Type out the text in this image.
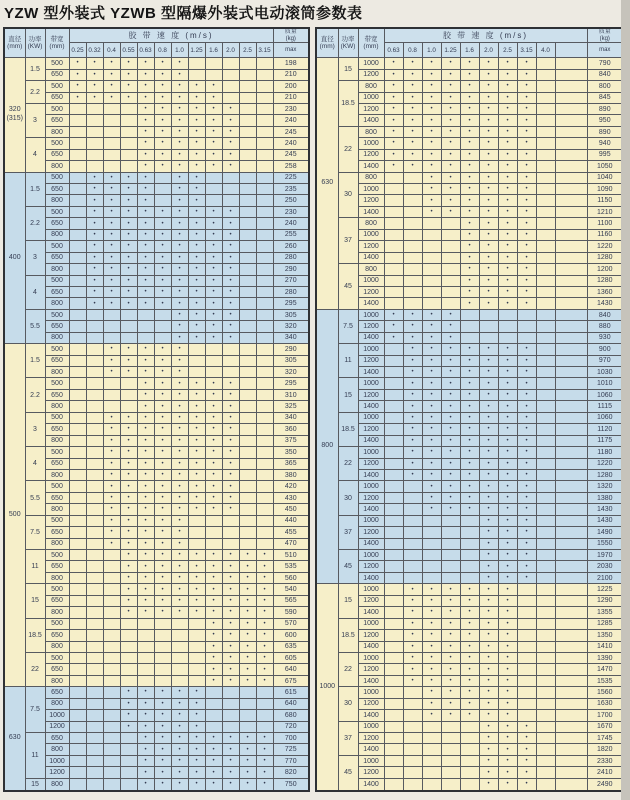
YZW 型外装式 YZWB 型隔爆外装式电动滚筒参数表
直径
(mm)	功率
(KW)	带宽
(mm)	胶 带 速 度 (m/s)												质量
(kg)
			0.25	0.32	0.4	0.55	0.63	0.8	1.0	1.25	1.6	2.0	2.5	3.15	max
320
(315)	1.5	500	•	•	•	•	•	•	•						198
		650	•	•	•	•	•	•	•						210
	2.2	500	•	•	•	•	•	•	•	•	•				200
		650	•	•	•	•	•	•	•	•	•				210
	3	500					•	•	•	•	•	•			230
		650					•	•	•	•	•	•			240
		800					•	•	•	•	•	•			245
	4	500					•	•	•	•	•	•			240
		650					•	•	•	•	•	•			245
		800					•	•	•	•	•	•			258
400	1.5	500		•	•	•	•		•	•					225
		650		•	•	•	•		•	•					235
		800		•	•	•	•		•	•					250
	2.2	500		•	•	•	•	•	•	•	•	•			230
		650		•	•	•	•	•	•	•	•	•			240
		800		•	•	•	•	•	•	•	•	•			255
	3	500		•	•	•	•	•	•	•	•	•			260
		650		•	•	•	•	•	•	•	•	•			280
		800		•	•	•	•	•	•	•	•	•			290
	4	500		•	•	•	•	•	•	•	•	•			270
		650		•	•	•	•	•	•	•	•	•			280
		800		•	•	•	•	•	•	•	•	•			295
	5.5	500							•	•	•	•			305
		650							•	•	•	•			320
		800							•	•	•	•			340
500	1.5	500			•	•	•	•	•						290
		650			•	•	•	•	•						305
		800			•	•	•	•	•						320
	2.2	500					•	•	•	•	•	•			295
		650					•	•	•	•	•	•			310
		800					•	•	•	•	•	•			325
	3	500			•	•	•	•	•	•	•	•			340
		650			•	•	•	•	•	•	•	•			360
		800			•	•	•	•	•	•	•	•			375
	4	500			•	•	•	•	•	•	•	•			350
		650			•	•	•	•	•	•	•	•			365
		800			•	•	•	•	•	•	•	•			380
	5.5	500			•	•	•	•	•	•	•	•			420
		650			•	•	•	•	•	•	•	•			430
		800			•	•	•	•	•	•	•	•			450
	7.5	500			•	•	•	•	•						440
		650			•	•	•	•	•						455
		800			•	•	•	•	•						470
	11	500				•	•	•	•	•	•	•	•	•	510
		650				•	•	•	•	•	•	•	•	•	535
		800				•	•	•	•	•	•	•	•	•	560
	15	500				•	•	•	•	•	•	•	•	•	540
		650				•	•	•	•	•	•	•	•	•	565
		800				•	•	•	•	•	•	•	•	•	590
	18.5	500									•	•	•	•	570
		650									•	•	•	•	600
		800									•	•	•	•	635
	22	500									•	•	•	•	605
		650									•	•	•	•	640
		800									•	•	•	•	675
630	7.5	650				•	•	•	•	•					615
		800				•	•	•	•	•					640
		1000				•	•	•	•	•					680
		1200				•	•	•	•	•					720
	11	650					•	•	•	•	•	•	•	•	700
		800					•	•	•	•	•	•	•	•	725
		1000					•	•	•	•	•	•	•	•	770
		1200					•	•	•	•	•	•	•	•	820
	15	800					•	•	•	•	•	•	•	•	750
直径
(mm)	功率
(KW)	带宽
(mm)	胶 带 速 度 (m/s)										质量
(kg)
			0.63	0.8	1.0	1.25	1.6	2.0	2.5	3.15	4.0		max
630	15	1000	•	•	•	•	•	•	•	•			790
		1200	•	•	•	•	•	•	•	•			840
	18.5	800	•	•	•	•	•	•	•	•			800
		1000	•	•	•	•	•	•	•	•			845
		1200	•	•	•	•	•	•	•	•			890
		1400	•	•	•	•	•	•	•	•			950
	22	800	•	•	•	•	•	•	•	•			890
		1000	•	•	•	•	•	•	•	•			940
		1200	•	•	•	•	•	•	•	•			995
		1400	•	•	•	•	•	•	•	•			1050
	30	800			•	•	•	•	•	•			1040
		1000			•	•	•	•	•	•			1090
		1200			•	•	•	•	•	•			1150
		1400			•	•	•	•	•	•			1210
	37	800					•	•	•	•			1100
		1000					•	•	•	•			1160
		1200					•	•	•	•			1220
		1400					•	•	•	•			1280
	45	800					•	•	•	•			1200
		1000					•	•	•	•			1280
		1200					•	•	•	•			1360
		1400					•	•	•	•			1430
800	7.5	1000	•	•	•	•							840
		1200	•	•	•	•							880
		1400	•	•	•	•							930
	11	1000		•	•	•	•	•	•	•			900
		1200		•	•	•	•	•	•	•			970
		1400		•	•	•	•	•	•	•			1030
	15	1000		•	•	•	•	•	•	•			1010
		1200		•	•	•	•	•	•	•			1060
		1400		•	•	•	•	•	•	•			1115
	18.5	1000		•	•	•	•	•	•	•			1060
		1200		•	•	•	•	•	•	•			1120
		1400		•	•	•	•	•	•	•			1175
	22	1000		•	•	•	•	•	•	•			1180
		1200		•	•	•	•	•	•	•			1220
		1400		•	•	•	•	•	•	•			1280
	30	1000			•	•	•	•	•	•			1320
		1200			•	•	•	•	•	•			1380
		1400			•	•	•	•	•	•			1430
	37	1000						•	•	•			1430
		1200						•	•	•			1490
		1400						•	•	•			1550
	45	1000						•	•	•			1970
		1200						•	•	•			2030
		1400						•	•	•			2100
1000	15	1000		•	•	•	•	•	•				1225
		1200		•	•	•	•	•	•				1290
		1400		•	•	•	•	•	•				1355
	18.5	1000		•	•	•	•	•	•				1285
		1200		•	•	•	•	•	•				1350
		1400		•	•	•	•	•	•				1410
	22	1000		•	•	•	•	•	•				1390
		1200		•	•	•	•	•	•				1470
		1400		•	•	•	•	•	•				1535
	30	1000			•	•	•	•	•				1560
		1200			•	•	•	•	•				1630
		1400			•	•	•	•	•				1700
	37	1000						•	•	•			1670
		1200						•	•	•			1745
		1400						•	•	•			1820
	45	1000						•	•	•			2330
		1200						•	•	•			2410
		1400						•	•	•			2490
